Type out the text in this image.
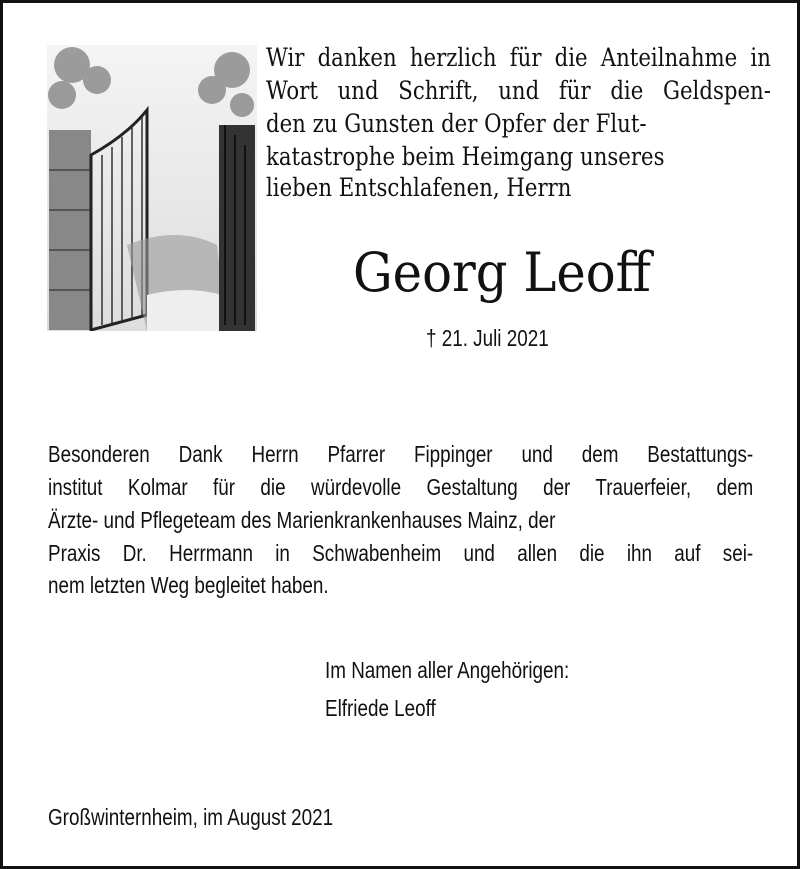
Wir danken herzlich für die Anteilnahme in
Wort und Schrift, und für die Geldspen-
den zu Gunsten der Opfer der Flut-
katastrophe beim Heimgang unseres
lieben Entschlafenen, Herrn
Georg Leoff
† 21. Juli 2021
Besonderen Dank Herrn Pfarrer Fippinger und dem Bestattungs-
institut Kolmar für die würdevolle Gestaltung der Trauerfeier, dem
Ärzte- und Pflegeteam des Marienkrankenhauses Mainz, der
Praxis Dr. Herrmann in Schwabenheim und allen die ihn auf sei-
nem letzten Weg begleitet haben.
Im Namen aller Angehörigen:
Elfriede Leoff
Großwinternheim, im August 2021
